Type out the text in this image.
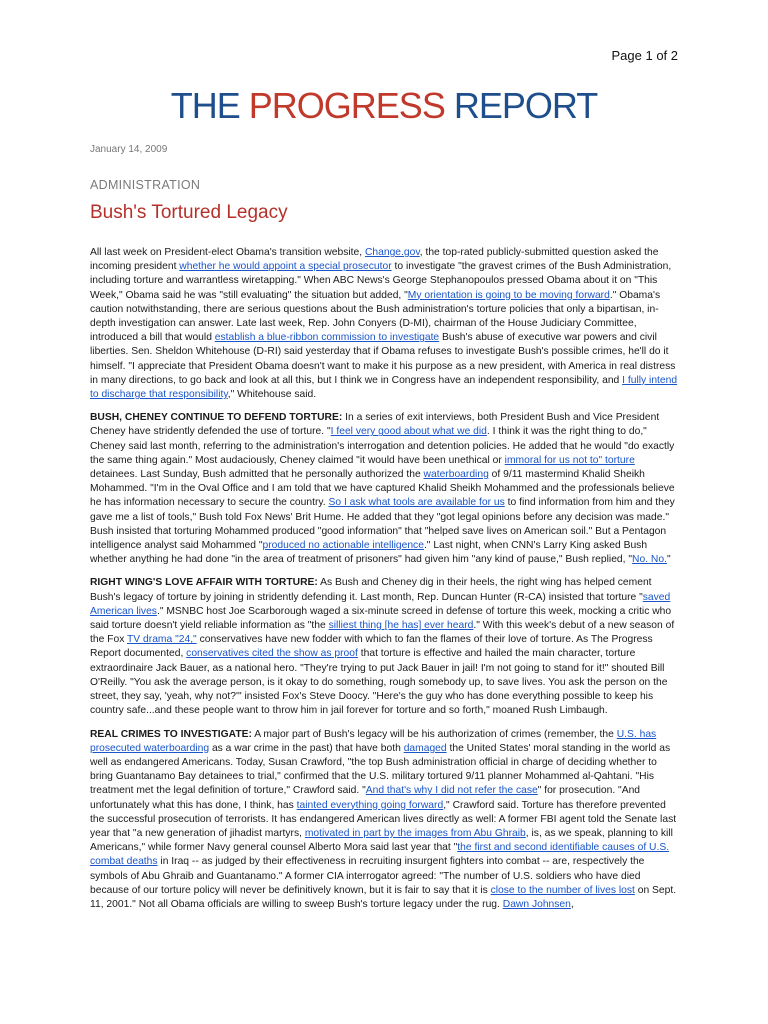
Page 1 of 2
THE PROGRESS REPORT
January 14, 2009
ADMINISTRATION
Bush's Tortured Legacy

All last week on President-elect Obama's transition website, Change.gov, the top-rated publicly-submitted question asked the incoming president whether he would appoint a special prosecutor to investigate "the gravest crimes of the Bush Administration, including torture and warrantless wiretapping." When ABC News's George Stephanopoulos pressed Obama about it on "This Week," Obama said he was "still evaluating" the situation but added, "My orientation is going to be moving forward." Obama's caution notwithstanding, there are serious questions about the Bush administration's torture policies that only a bipartisan, in-depth investigation can answer. Late last week, Rep. John Conyers (D-MI), chairman of the House Judiciary Committee, introduced a bill that would establish a blue-ribbon commission to investigate Bush's abuse of executive war powers and civil liberties. Sen. Sheldon Whitehouse (D-RI) said yesterday that if Obama refuses to investigate Bush's possible crimes, he'll do it himself. "I appreciate that President Obama doesn't want to make it his purpose as a new president, with America in real distress in many directions, to go back and look at all this, but I think we in Congress have an independent responsibility, and I fully intend to discharge that responsibility," Whitehouse said.

BUSH, CHENEY CONTINUE TO DEFEND TORTURE: In a series of exit interviews, both President Bush and Vice President Cheney have stridently defended the use of torture. "I feel very good about what we did. I think it was the right thing to do," Cheney said last month, referring to the administration's interrogation and detention policies. He added that he would "do exactly the same thing again." Most audaciously, Cheney claimed "it would have been unethical or immoral for us not to" torture detainees. Last Sunday, Bush admitted that he personally authorized the waterboarding of 9/11 mastermind Khalid Sheikh Mohammed. "I'm in the Oval Office and I am told that we have captured Khalid Sheikh Mohammed and the professionals believe he has information necessary to secure the country. So I ask what tools are available for us to find information from him and they gave me a list of tools," Bush told Fox News' Brit Hume. He added that they "got legal opinions before any decision was made." Bush insisted that torturing Mohammed produced "good information" that "helped save lives on American soil." But a Pentagon intelligence analyst said Mohammed "produced no actionable intelligence." Last night, when CNN's Larry King asked Bush whether anything he had done "in the area of treatment of prisoners" had given him "any kind of pause," Bush replied, "No. No."

RIGHT WING'S LOVE AFFAIR WITH TORTURE: As Bush and Cheney dig in their heels, the right wing has helped cement Bush's legacy of torture by joining in stridently defending it. Last month, Rep. Duncan Hunter (R-CA) insisted that torture "saved American lives." MSNBC host Joe Scarborough waged a six-minute screed in defense of torture this week, mocking a critic who said torture doesn't yield reliable information as "the silliest thing [he has] ever heard." With this week's debut of a new season of the Fox TV drama "24," conservatives have new fodder with which to fan the flames of their love of torture. As The Progress Report documented, conservatives cited the show as proof that torture is effective and hailed the main character, torture extraordinaire Jack Bauer, as a national hero. "They're trying to put Jack Bauer in jail! I'm not going to stand for it!" shouted Bill O'Reilly. "You ask the average person, is it okay to do something, rough somebody up, to save lives. You ask the person on the street, they say, 'yeah, why not?'" insisted Fox's Steve Doocy. "Here's the guy who has done everything possible to keep his country safe...and these people want to throw him in jail forever for torture and so forth," moaned Rush Limbaugh.

REAL CRIMES TO INVESTIGATE: A major part of Bush's legacy will be his authorization of crimes (remember, the U.S. has prosecuted waterboarding as a war crime in the past) that have both damaged the United States' moral standing in the world as well as endangered Americans. Today, Susan Crawford, "the top Bush administration official in charge of deciding whether to bring Guantanamo Bay detainees to trial," confirmed that the U.S. military tortured 9/11 planner Mohammed al-Qahtani. "His treatment met the legal definition of torture," Crawford said. "And that's why I did not refer the case" for prosecution. "And unfortunately what this has done, I think, has tainted everything going forward," Crawford said. Torture has therefore prevented the successful prosecution of terrorists. It has endangered American lives directly as well: A former FBI agent told the Senate last year that "a new generation of jihadist martyrs, motivated in part by the images from Abu Ghraib, is, as we speak, planning to kill Americans," while former Navy general counsel Alberto Mora said last year that "the first and second identifiable causes of U.S. combat deaths in Iraq -- as judged by their effectiveness in recruiting insurgent fighters into combat -- are, respectively the symbols of Abu Ghraib and Guantanamo." A former CIA interrogator agreed: "The number of U.S. soldiers who have died because of our torture policy will never be definitively known, but it is fair to say that it is close to the number of lives lost on Sept. 11, 2001." Not all Obama officials are willing to sweep Bush's torture legacy under the rug. Dawn Johnsen,
